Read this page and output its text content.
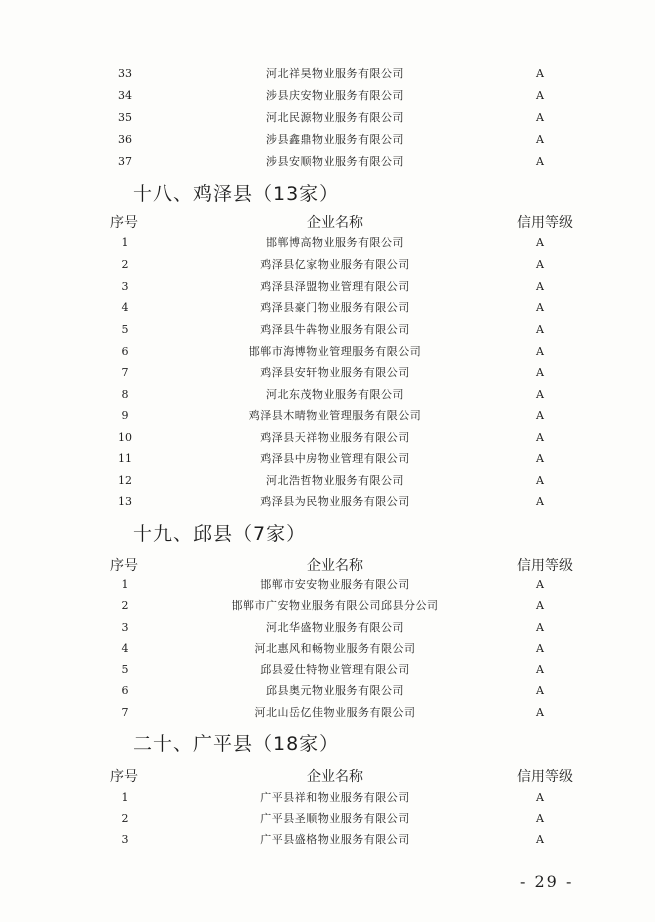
33	河北祥昊物业服务有限公司	A
34	涉县庆安物业服务有限公司	A
35	河北民源物业服务有限公司	A
36	涉县鑫鼎物业服务有限公司	A
37	涉县安顺物业服务有限公司	A
十八、鸡泽县（13家）
序号	企业名称	信用等级
1	邯郸博高物业服务有限公司	A
2	鸡泽县亿家物业服务有限公司	A
3	鸡泽县泽盟物业管理有限公司	A
4	鸡泽县豪门物业服务有限公司	A
5	鸡泽县牛犇物业服务有限公司	A
6	邯郸市海博物业管理服务有限公司	A
7	鸡泽县安轩物业服务有限公司	A
8	河北东茂物业服务有限公司	A
9	鸡泽县木晴物业管理服务有限公司	A
10	鸡泽县天祥物业服务有限公司	A
11	鸡泽县中房物业管理有限公司	A
12	河北浩哲物业服务有限公司	A
13	鸡泽县为民物业服务有限公司	A
十九、邱县（7家）
序号	企业名称	信用等级
1	邯郸市安安物业服务有限公司	A
2	邯郸市广安物业服务有限公司邱县分公司	A
3	河北华盛物业服务有限公司	A
4	河北惠风和畅物业服务有限公司	A
5	邱县爱仕特物业管理有限公司	A
6	邱县奥元物业服务有限公司	A
7	河北山岳亿佳物业服务有限公司	A
二十、广平县（18家）
序号	企业名称	信用等级
1	广平县祥和物业服务有限公司	A
2	广平县圣顺物业服务有限公司	A
3	广平县盛格物业服务有限公司	A
- 29 -
